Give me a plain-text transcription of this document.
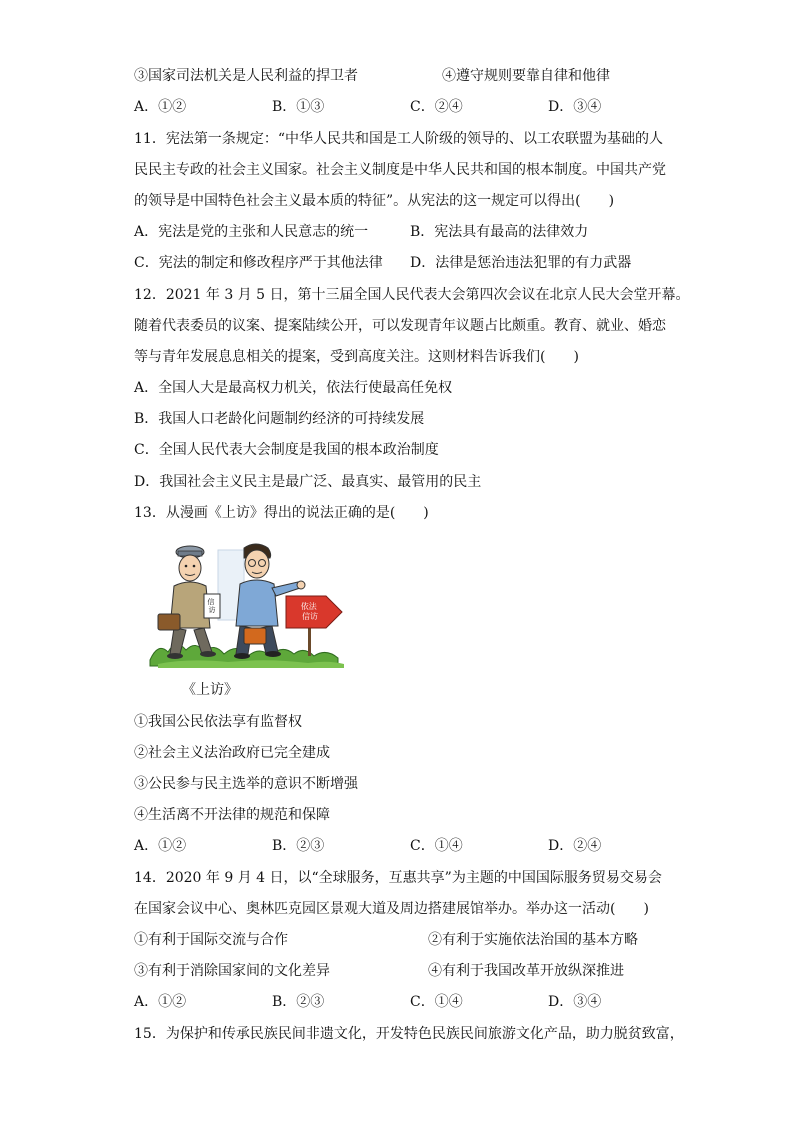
③国家司法机关是人民利益的捍卫者	④遵守规则要靠自律和他律
A．①②	B．①③	C．②④	D．③④
11．宪法第一条规定：“中华人民共和国是工人阶级的领导的、以工农联盟为基础的人
民民主专政的社会主义国家。社会主义制度是中华人民共和国的根本制度。中国共产党
的领导是中国特色社会主义最本质的特征”。从宪法的这一规定可以得出(　　)
A．宪法是党的主张和人民意志的统一	B．宪法具有最高的法律效力
C．宪法的制定和修改程序严于其他法律 D．法律是惩治违法犯罪的有力武器
12．2021 年 3 月 5 日，第十三届全国人民代表大会第四次会议在北京人民大会堂开幕。
随着代表委员的议案、提案陆续公开，可以发现青年议题占比颇重。教育、就业、婚恋
等与青年发展息息相关的提案，受到高度关注。这则材料告诉我们(　　)
A．全国人大是最高权力机关，依法行使最高任免权
B．我国人口老龄化问题制约经济的可持续发展
C．全国人民代表大会制度是我国的根本政治制度
D．我国社会主义民主是最广泛、最真实、最管用的民主
13．从漫画《上访》得出的说法正确的是(　　)
信 访	依法 信访
《上访》
①我国公民依法享有监督权
②社会主义法治政府已完全建成
③公民参与民主选举的意识不断增强
④生活离不开法律的规范和保障
A．①②	B．②③	C．①④	D．②④
14．2020 年 9 月 4 日，以“全球服务，互惠共享”为主题的中国国际服务贸易交易会
在国家会议中心、奥林匹克园区景观大道及周边搭建展馆举办。举办这一活动(　　)
①有利于国际交流与合作	②有利于实施依法治国的基本方略
③有利于消除国家间的文化差异	④有利于我国改革开放纵深推进
A．①②	B．②③	C．①④	D．③④
15．为保护和传承民族民间非遗文化，开发特色民族民间旅游文化产品，助力脱贫致富，
